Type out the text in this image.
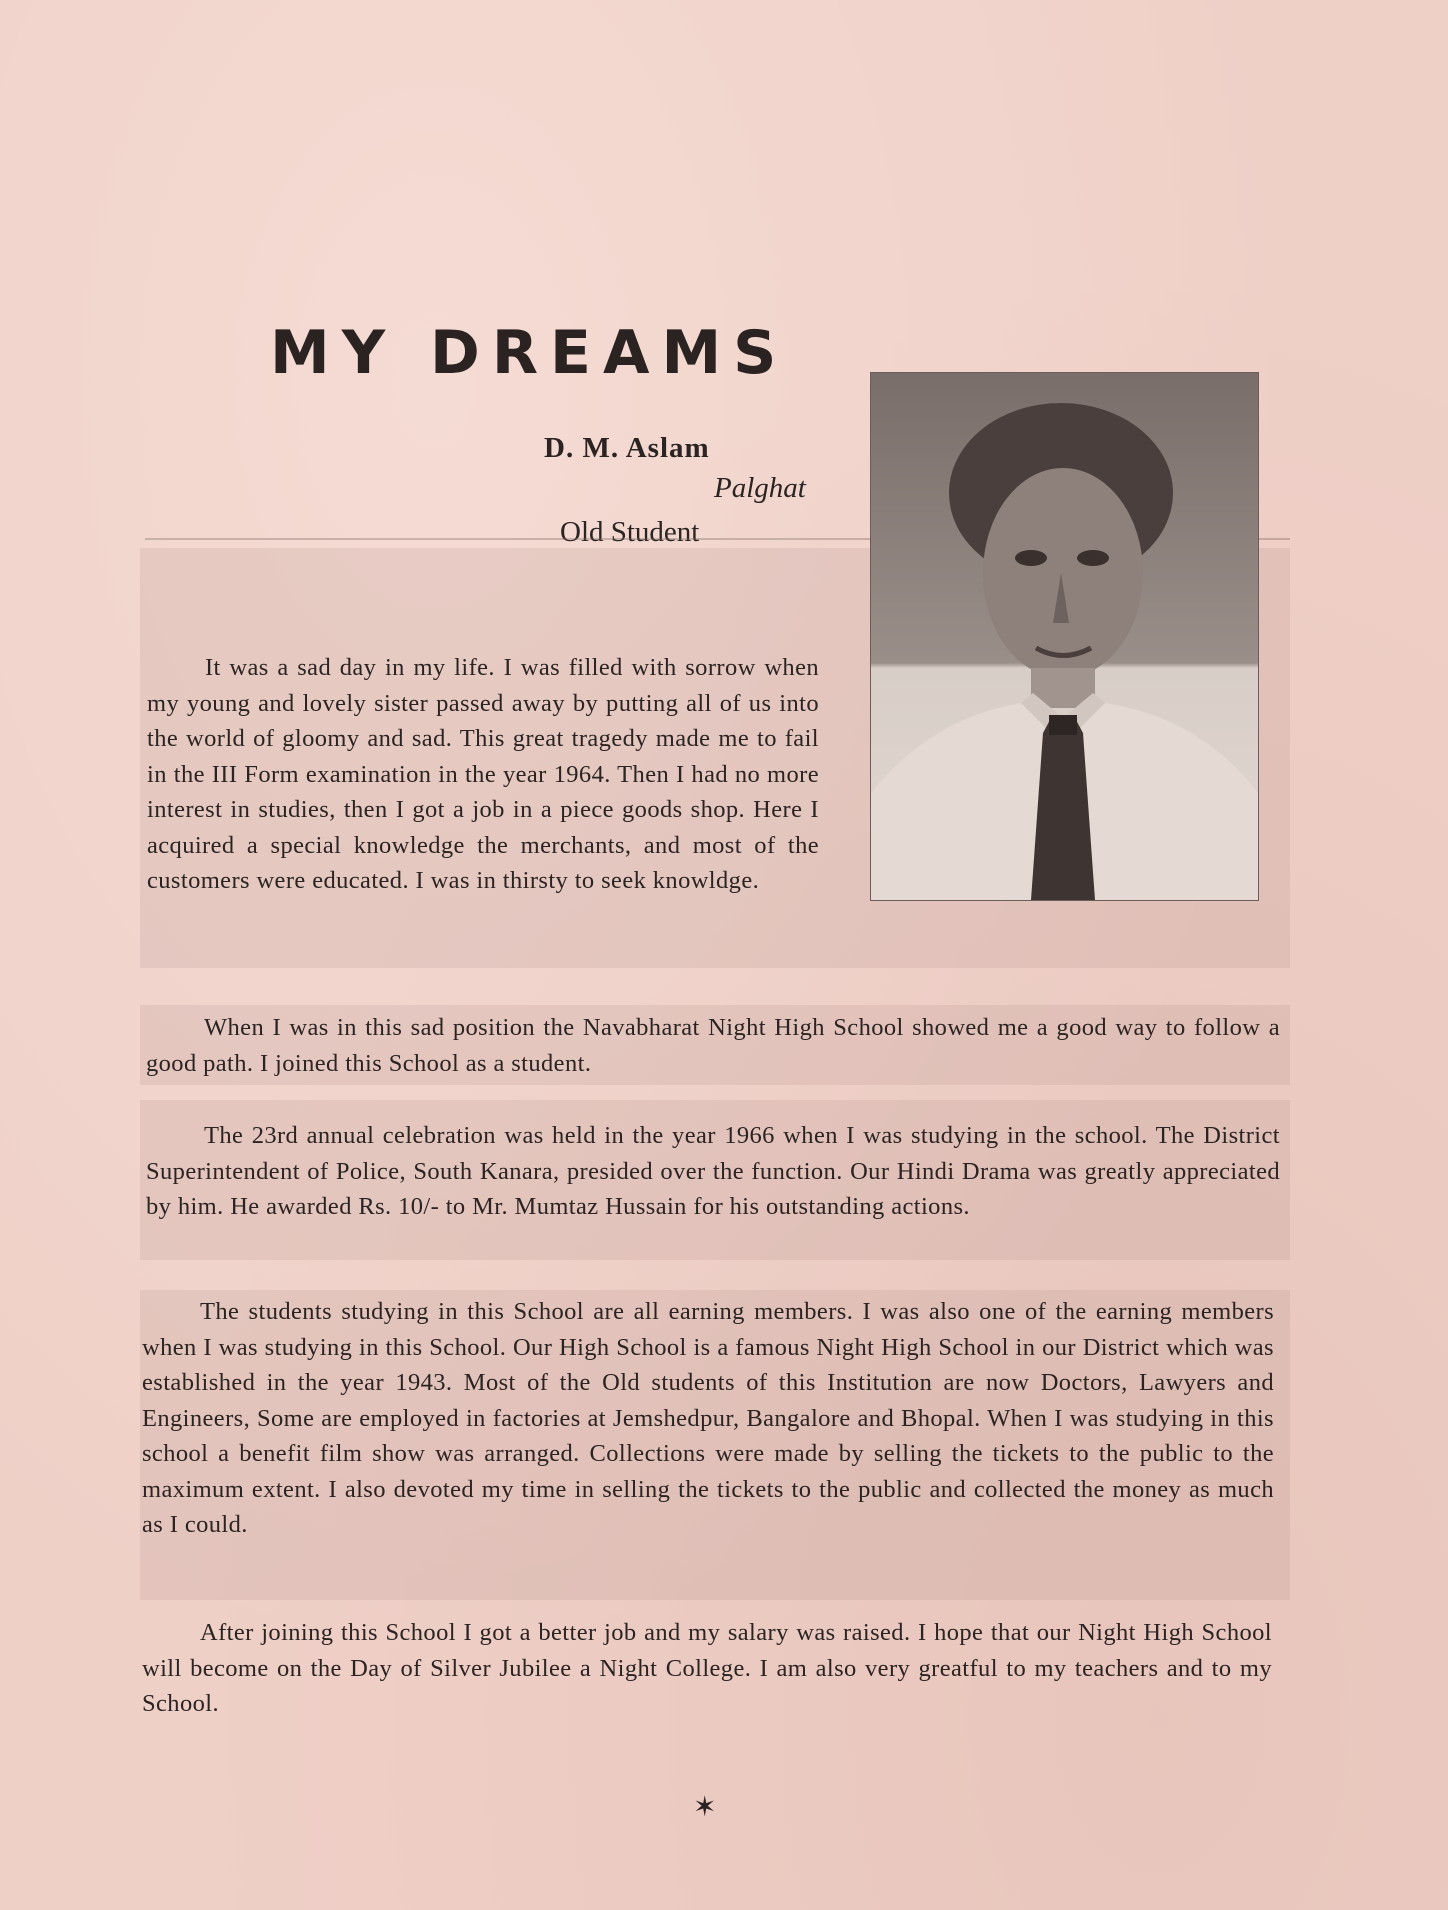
MY DREAMS
D. M. Aslam
Palghat
Old Student

It was a sad day in my life. I was filled with sorrow when my young and lovely sister passed away by putting all of us into the world of gloomy and sad. This great tragedy made me to fail in the III Form examination in the year 1964. Then I had no more interest in studies, then I got a job in a piece goods shop. Here I acquired a special knowledge the merchants, and most of the customers were educated. I was in thirsty to seek knowldge.

When I was in this sad position the Navabharat Night High School showed me a good way to follow a good path. I joined this School as a student.

The 23rd annual celebration was held in the year 1966 when I was studying in the school. The District Superintendent of Police, South Kanara, presided over the function. Our Hindi Drama was greatly appreciated by him. He awarded Rs. 10/- to Mr. Mumtaz Hussain for his outstanding actions.

The students studying in this School are all earning members. I was also one of the earning members when I was studying in this School. Our High School is a famous Night High School in our District which was established in the year 1943. Most of the Old students of this Institution are now Doctors, Lawyers and Engineers, Some are employed in factories at Jemshedpur, Bangalore and Bhopal. When I was studying in this school a benefit film show was arranged. Collections were made by selling the tickets to the public to the maximum extent. I also devoted my time in selling the tickets to the public and collected the money as much as I could.

After joining this School I got a better job and my salary was raised. I hope that our Night High School will become on the Day of Silver Jubilee a Night College. I am also very greatful to my teachers and to my School.

✶
